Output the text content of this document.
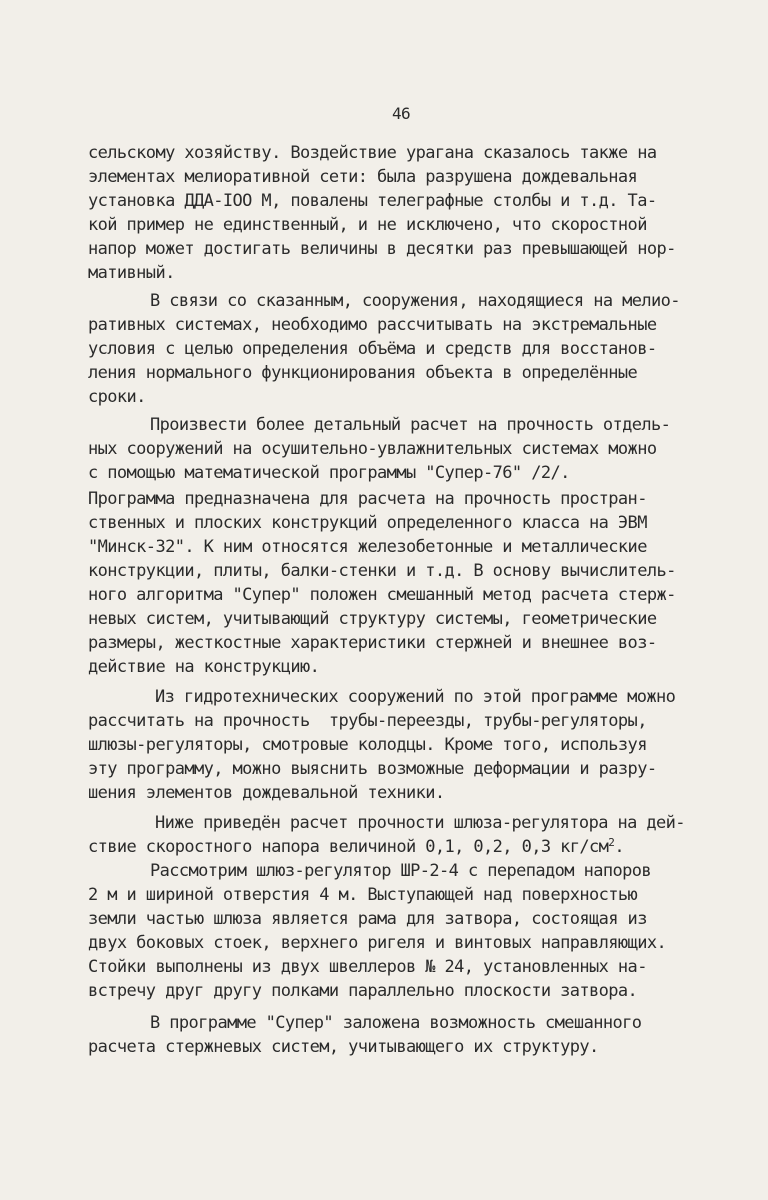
46
сельскому хозяйству. Воздействие урагана сказалось также на
элементах мелиоративной сети: была разрушена дождевальная
установка ДДА-IOO М, повалены телеграфные столбы и т.д. Та-
кой пример не единственный, и не исключено, что скоростной
напор может достигать величины в десятки раз превышающей нор-
мативный.
В связи со сказанным, сооружения, находящиеся на мелио-
ративных системах, необходимо рассчитывать на экстремальные
условия с целью определения объёма и средств для восстанов-
ления нормального функционирования объекта в определённые
сроки.
Произвести более детальный расчет на прочность отдель-
ных сооружений на осушительно-увлажнительных системах можно
с помощью математической программы "Супер-76" /2/.
Программа предназначена для расчета на прочность простран-
ственных и плоских конструкций определенного класса на ЭВМ
"Минск-32". К ним относятся железобетонные и металлические
конструкции, плиты, балки-стенки и т.д. В основу вычислитель-
ного алгоритма "Супер" положен смешанный метод расчета стерж-
невых систем, учитывающий структуру системы, геометрические
размеры, жесткостные характеристики стержней и внешнее воз-
действие на конструкцию.
Из гидротехнических сооружений по этой программе можно
рассчитать на прочность  трубы-переезды, трубы-регуляторы,
шлюзы-регуляторы, смотровые колодцы. Кроме того, используя
эту программу, можно выяснить возможные деформации и разру-
шения элементов дождевальной техники.
Ниже приведён расчет прочности шлюза-регулятора на дей-
ствие скоростного напора величиной 0,1, 0,2, 0,3 $кг/см^2$.
Рассмотрим шлюз-регулятор ШР-2-4 с перепадом напоров
2 м и шириной отверстия 4 м. Выступающей над поверхностью
земли частью шлюза является рама для затвора, состоящая из
двух боковых стоек, верхнего ригеля и винтовых направляющих.
Стойки выполнены из двух швеллеров № 24, установленных на-
встречу друг другу полками параллельно плоскости затвора.
В программе "Супер" заложена возможность смешанного
расчета стержневых систем, учитывающего их структуру.
